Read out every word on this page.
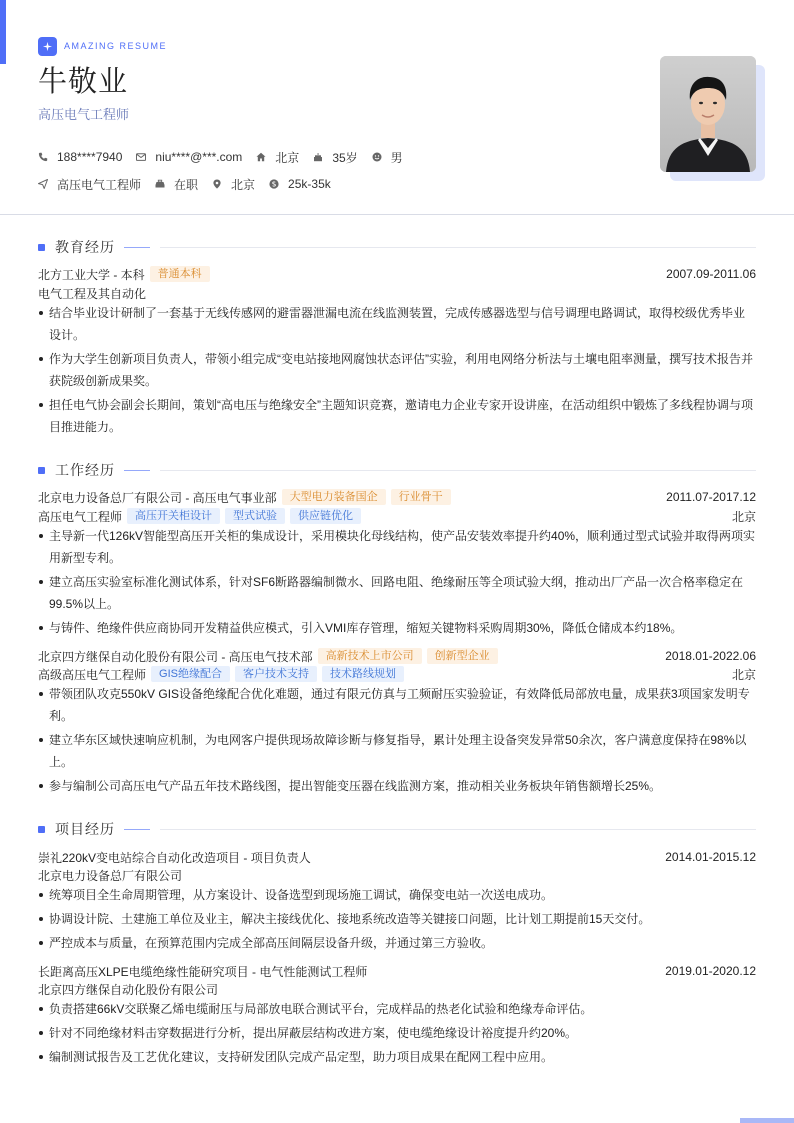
AMAZING RESUME
牛敬业
高压电气工程师
188****7940	niu****@***.com	北京	35岁	男
高压电气工程师	在职	北京	25k-35k
教育经历
北方工业大学 - 本科	普通本科	2007.09-2011.06
电气工程及其自动化
结合毕业设计研制了一套基于无线传感网的避雷器泄漏电流在线监测装置，完成传感器选型与信号调理电路调试，取得校级优秀毕业设计。
作为大学生创新项目负责人，带领小组完成“变电站接地网腐蚀状态评估”实验，利用电网络分析法与土壤电阻率测量，撰写技术报告并获院级创新成果奖。
担任电气协会副会长期间，策划“高电压与绝缘安全”主题知识竞赛，邀请电力企业专家开设讲座，在活动组织中锻炼了多线程协调与项目推进能力。
工作经历
北京电力设备总厂有限公司 - 高压电气事业部	大型电力装备国企	行业骨干	2011.07-2017.12
高压电气工程师	高压开关柜设计	型式试验	供应链优化	北京
主导新一代126kV智能型高压开关柜的集成设计，采用模块化母线结构，使产品安装效率提升约40%，顺利通过型式试验并取得两项实用新型专利。
建立高压实验室标准化测试体系，针对SF6断路器编制微水、回路电阻、绝缘耐压等全项试验大纲，推动出厂产品一次合格率稳定在99.5%以上。
与铸件、绝缘件供应商协同开发精益供应模式，引入VMI库存管理，缩短关键物料采购周期30%，降低仓储成本约18%。
北京四方继保自动化股份有限公司 - 高压电气技术部	高新技术上市公司	创新型企业	2018.01-2022.06
高级高压电气工程师	GIS绝缘配合	客户技术支持	技术路线规划	北京
带领团队攻克550kV GIS设备绝缘配合优化难题，通过有限元仿真与工频耐压实验验证，有效降低局部放电量，成果获3项国家发明专利。
建立华东区域快速响应机制，为电网客户提供现场故障诊断与修复指导，累计处理主设备突发异常50余次，客户满意度保持在98%以上。
参与编制公司高压电气产品五年技术路线图，提出智能变压器在线监测方案，推动相关业务板块年销售额增长25%。
项目经历
崇礼220kV变电站综合自动化改造项目 - 项目负责人	2014.01-2015.12
北京电力设备总厂有限公司
统筹项目全生命周期管理，从方案设计、设备选型到现场施工调试，确保变电站一次送电成功。
协调设计院、土建施工单位及业主，解决主接线优化、接地系统改造等关键接口问题，比计划工期提前15天交付。
严控成本与质量，在预算范围内完成全部高压间隔层设备升级，并通过第三方验收。
长距离高压XLPE电缆绝缘性能研究项目 - 电气性能测试工程师	2019.01-2020.12
北京四方继保自动化股份有限公司
负责搭建66kV交联聚乙烯电缆耐压与局部放电联合测试平台，完成样品的热老化试验和绝缘寿命评估。
针对不同绝缘材料击穿数据进行分析，提出屏蔽层结构改进方案，使电缆绝缘设计裕度提升约20%。
编制测试报告及工艺优化建议，支持研发团队完成产品定型，助力项目成果在配网工程中应用。
